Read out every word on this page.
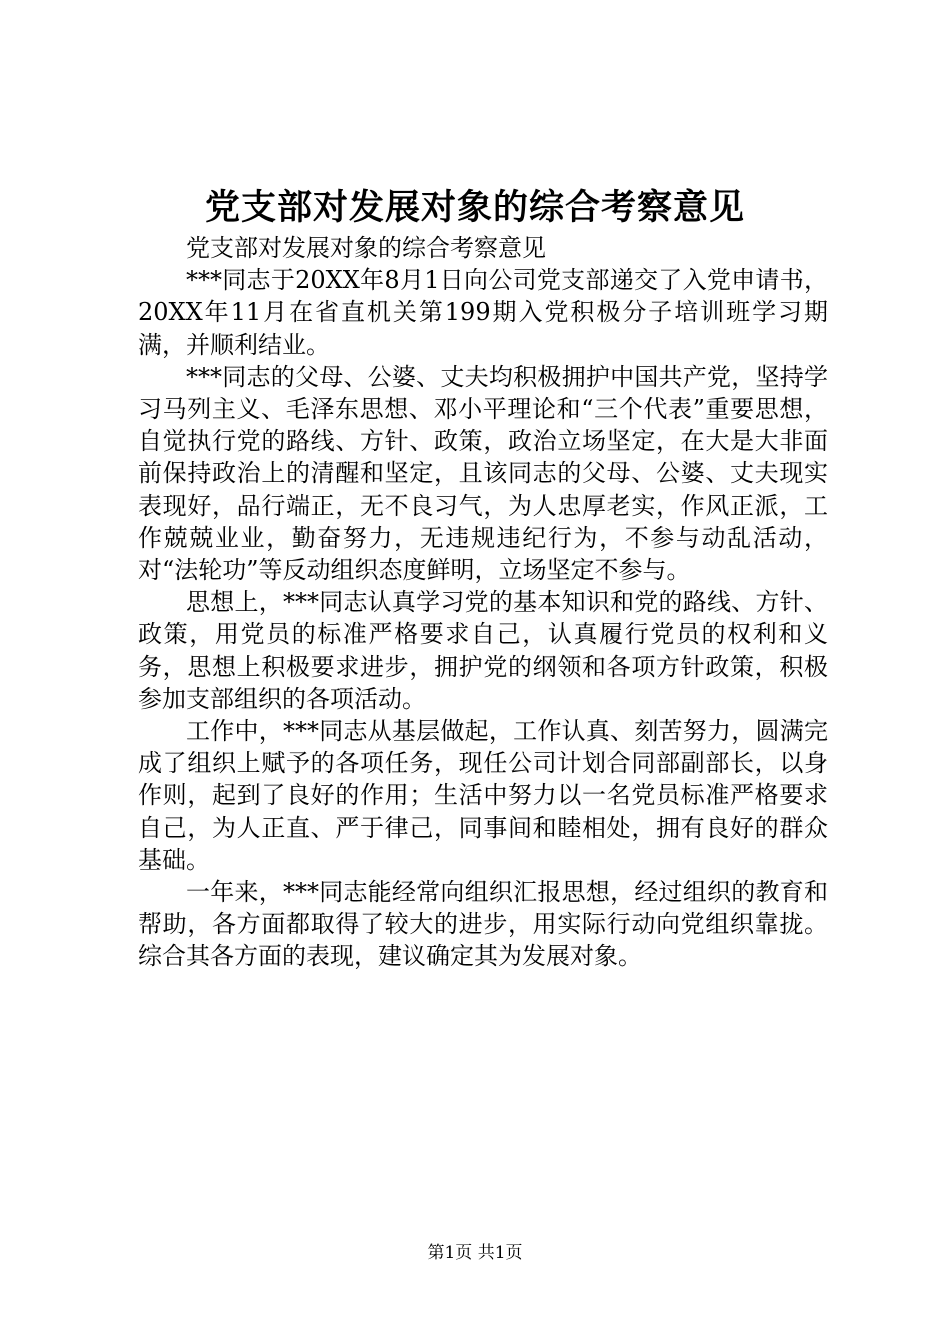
党支部对发展对象的综合考察意见

党支部对发展对象的综合考察意见

***同志于20XX年8月1日向公司党支部递交了入党申请书，20XX年11月在省直机关第199期入党积极分子培训班学习期满，并顺利结业。

***同志的父母、公婆、丈夫均积极拥护中国共产党，坚持学习马列主义、毛泽东思想、邓小平理论和“三个代表”重要思想，自觉执行党的路线、方针、政策，政治立场坚定，在大是大非面前保持政治上的清醒和坚定，且该同志的父母、公婆、丈夫现实表现好，品行端正，无不良习气，为人忠厚老实，作风正派，工作兢兢业业，勤奋努力，无违规违纪行为，不参与动乱活动，对“法轮功”等反动组织态度鲜明，立场坚定不参与。

思想上，***同志认真学习党的基本知识和党的路线、方针、政策，用党员的标准严格要求自己，认真履行党员的权利和义务，思想上积极要求进步，拥护党的纲领和各项方针政策，积极参加支部组织的各项活动。

工作中，***同志从基层做起，工作认真、刻苦努力，圆满完成了组织上赋予的各项任务，现任公司计划合同部副部长，以身作则，起到了良好的作用；生活中努力以一名党员标准严格要求自己，为人正直、严于律己，同事间和睦相处，拥有良好的群众基础。

一年来，***同志能经常向组织汇报思想，经过组织的教育和帮助，各方面都取得了较大的进步，用实际行动向党组织靠拢。综合其各方面的表现，建议确定其为发展对象。

第1页 共1页
